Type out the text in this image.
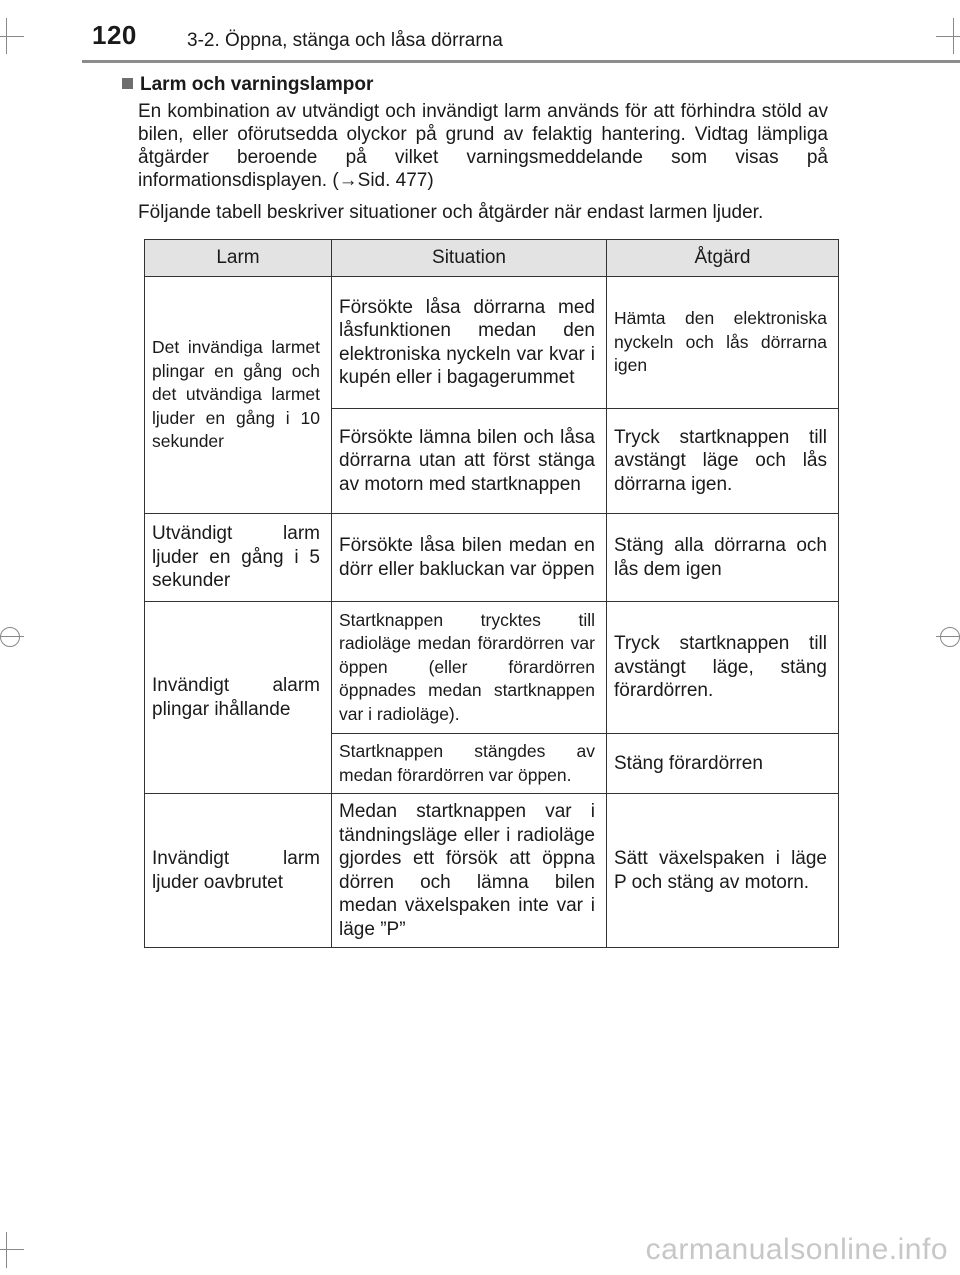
120	3-2. Öppna, stänga och låsa dörrarna
Larm och varningslampor

En kombination av utvändigt och invändigt larm används för att förhindra stöld av bilen, eller oförutsedda olyckor på grund av felaktig hantering. Vidtag lämpliga åtgärder beroende på vilket varningsmeddelande som visas på informationsdisplayen. (→Sid. 477)

Följande tabell beskriver situationer och åtgärder när endast larmen ljuder.

Larm	Situation	Åtgärd
Det invändiga larmet plingar en gång och det utvändiga larmet ljuder en gång i 10 sekunder	Försökte låsa dörrarna med låsfunktionen medan den elektroniska nyckeln var kvar i kupén eller i bagagerummet	Hämta den elektroniska nyckeln och lås dörrarna igen
	Försökte lämna bilen och låsa dörrarna utan att först stänga av motorn med startknappen	Tryck startknappen till avstängt läge och lås dörrarna igen.
Utvändigt larm ljuder en gång i 5 sekunder	Försökte låsa bilen medan en dörr eller bakluckan var öppen	Stäng alla dörrarna och lås dem igen
Invändigt alarm plingar ihållande	Startknappen trycktes till radioläge medan förardörren var öppen (eller förardörren öppnades medan startknappen var i radioläge).	Tryck startknappen till avstängt läge, stäng förardörren.
	Startknappen stängdes av medan förardörren var öppen.	Stäng förardörren
Invändigt larm ljuder oavbrutet	Medan startknappen var i tändningsläge eller i radioläge gjordes ett försök att öppna dörren och lämna bilen medan växelspaken inte var i läge ”P”	Sätt växelspaken i läge P och stäng av motorn.
carmanualsonline.info
